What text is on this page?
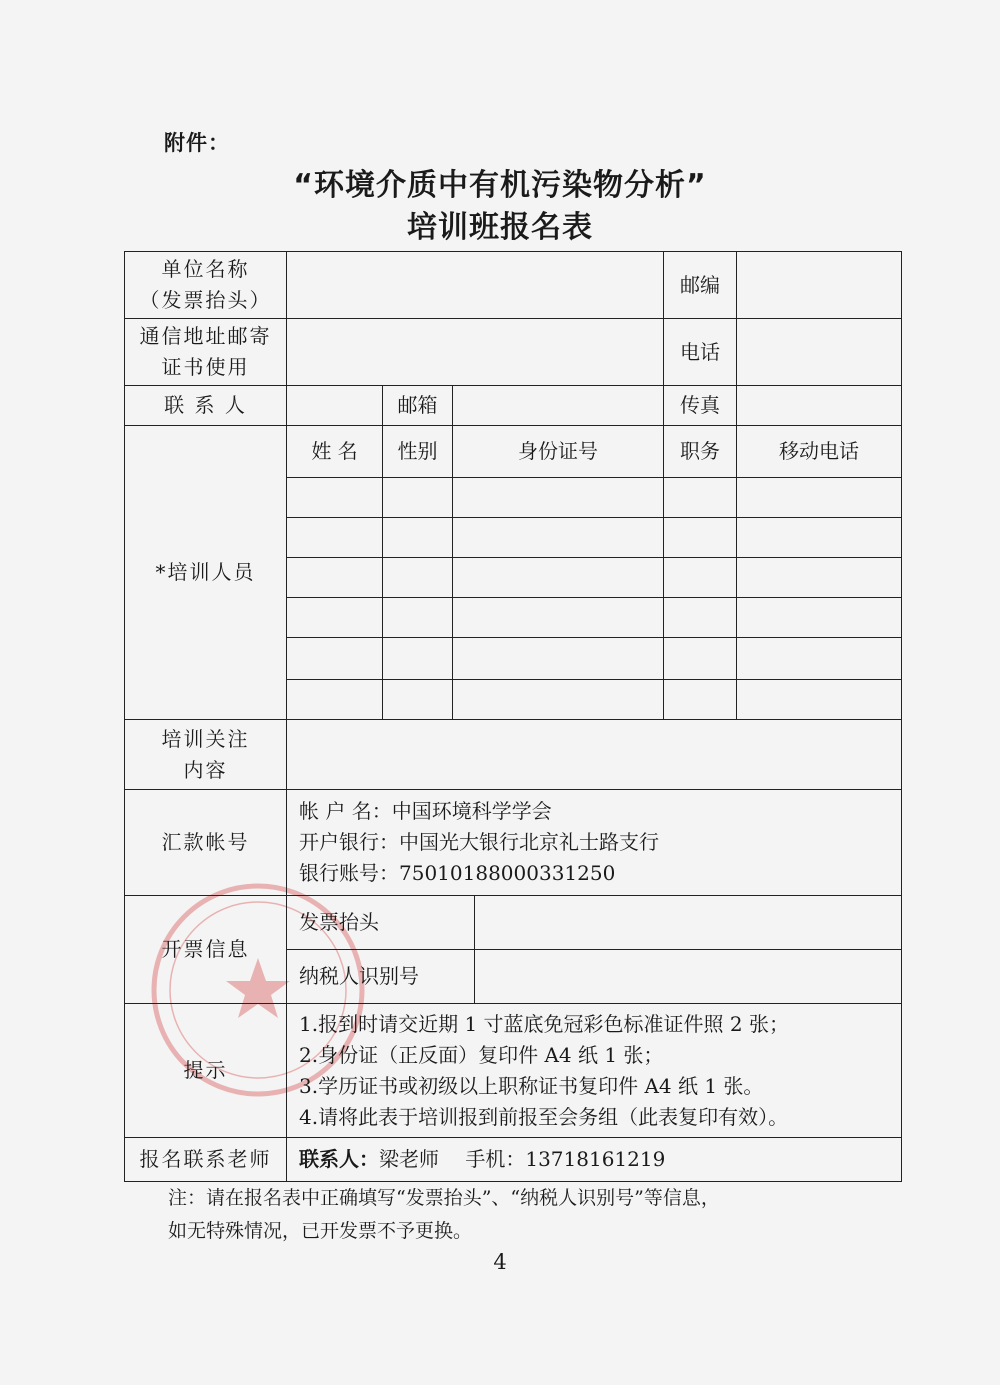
附件：
“环境介质中有机污染物分析”
培训班报名表
单位名称
（发票抬头）					邮编	

通信地址邮寄
证书使用					电话	
联 系 人		邮箱			传真	
*培训人员	姓 名	性别	身份证号		职务	移动电话

培训关注
内容						

汇款帐号	帐 户 名：中国环境科学学会
开户银行：中国光大银行北京礼士路支行
银行账号：75010188000331250					

开票信息	发票抬头					
	纳税人识别号					
提示	1.报到时请交近期 1 寸蓝底免冠彩色标准证件照 2 张；
2.身份证（正反面）复印件 A4 纸 1 张；
3.学历证书或初级以上职称证书复印件 A4 纸 1 张。
4.请将此表于培训报到前报至会务组（此表复印有效）。					

报名联系老师	联系人：梁老师　 手机：13718161219					

注：请在报名表中正确填写“发票抬头”、“纳税人识别号”等信息，

如无特殊情况，已开发票不予更换。

4
